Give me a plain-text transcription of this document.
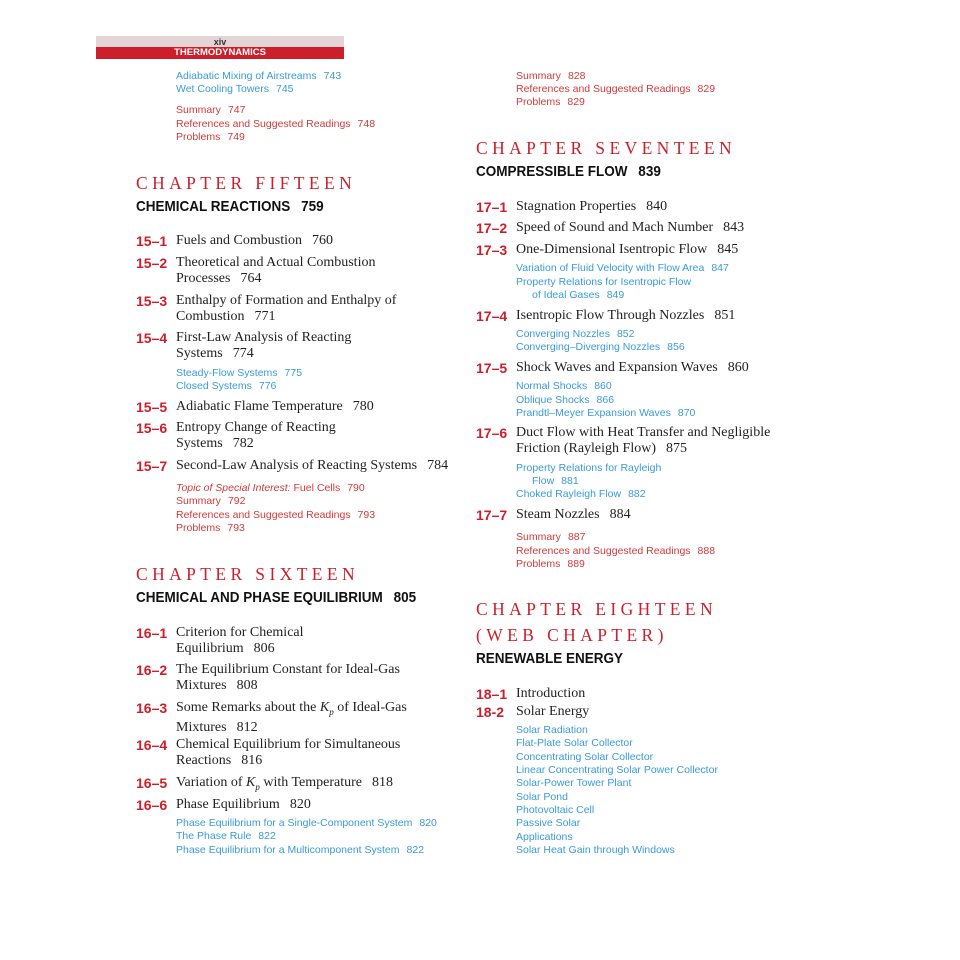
xiv
THERMODYNAMICS

Adiabatic Mixing of Airstreams 743

Wet Cooling Towers 745

Summary 747

References and Suggested Readings 748

Problems 749

CHAPTER FIFTEEN
CHEMICAL REACTIONS 759
15–1 Fuels and Combustion 760
15–2 Theoretical and Actual Combustion
Processes 764
15–3 Enthalpy of Formation and Enthalpy of
Combustion 771
15–4 First-Law Analysis of Reacting
Systems 774
15–5 Adiabatic Flame Temperature 780
15–6 Entropy Change of Reacting
Systems 782
15–7 Second-Law Analysis of Reacting Systems 784

Steady-Flow Systems 775

Closed Systems 776

Topic of Special Interest: Fuel Cells 790

Summary 792

References and Suggested Readings 793

Problems 793

CHAPTER SIXTEEN
CHEMICAL AND PHASE EQUILIBRIUM 805
16–1 Criterion for Chemical
Equilibrium 806
16–2 The Equilibrium Constant for Ideal-Gas
Mixtures 808
16–3 Some Remarks about the $K_p$ of Ideal-Gas
Mixtures 812
16–4 Chemical Equilibrium for Simultaneous
Reactions 816
16–5 Variation of $K_p$ with Temperature 818
16–6 Phase Equilibrium 820

Phase Equilibrium for a Single-Component System 820

The Phase Rule 822

Phase Equilibrium for a Multicomponent System 822

Summary 828

References and Suggested Readings 829

Problems 829

CHAPTER SEVENTEEN
COMPRESSIBLE FLOW 839
17–1 Stagnation Properties 840
17–2 Speed of Sound and Mach Number 843
17–3 One-Dimensional Isentropic Flow 845
17–4 Isentropic Flow Through Nozzles 851
17–5 Shock Waves and Expansion Waves 860
17–6 Duct Flow with Heat Transfer and Negligible
Friction (Rayleigh Flow) 875
17–7 Steam Nozzles 884

Variation of Fluid Velocity with Flow Area 847

Property Relations for Isentropic Flow

of Ideal Gases 849

Converging Nozzles 852

Converging–Diverging Nozzles 856

Normal Shocks 860

Oblique Shocks 866

Prandtl–Meyer Expansion Waves 870

Property Relations for Rayleigh

Flow 881

Choked Rayleigh Flow 882

Summary 887

References and Suggested Readings 888

Problems 889

CHAPTER EIGHTEEN
(WEB CHAPTER)
RENEWABLE ENERGY
18–1 Introduction
18-2 Solar Energy

Solar Radiation

Flat-Plate Solar Collector

Concentrating Solar Collector

Linear Concentrating Solar Power Collector

Solar-Power Tower Plant

Solar Pond

Photovoltaic Cell

Passive Solar

Applications

Solar Heat Gain through Windows
